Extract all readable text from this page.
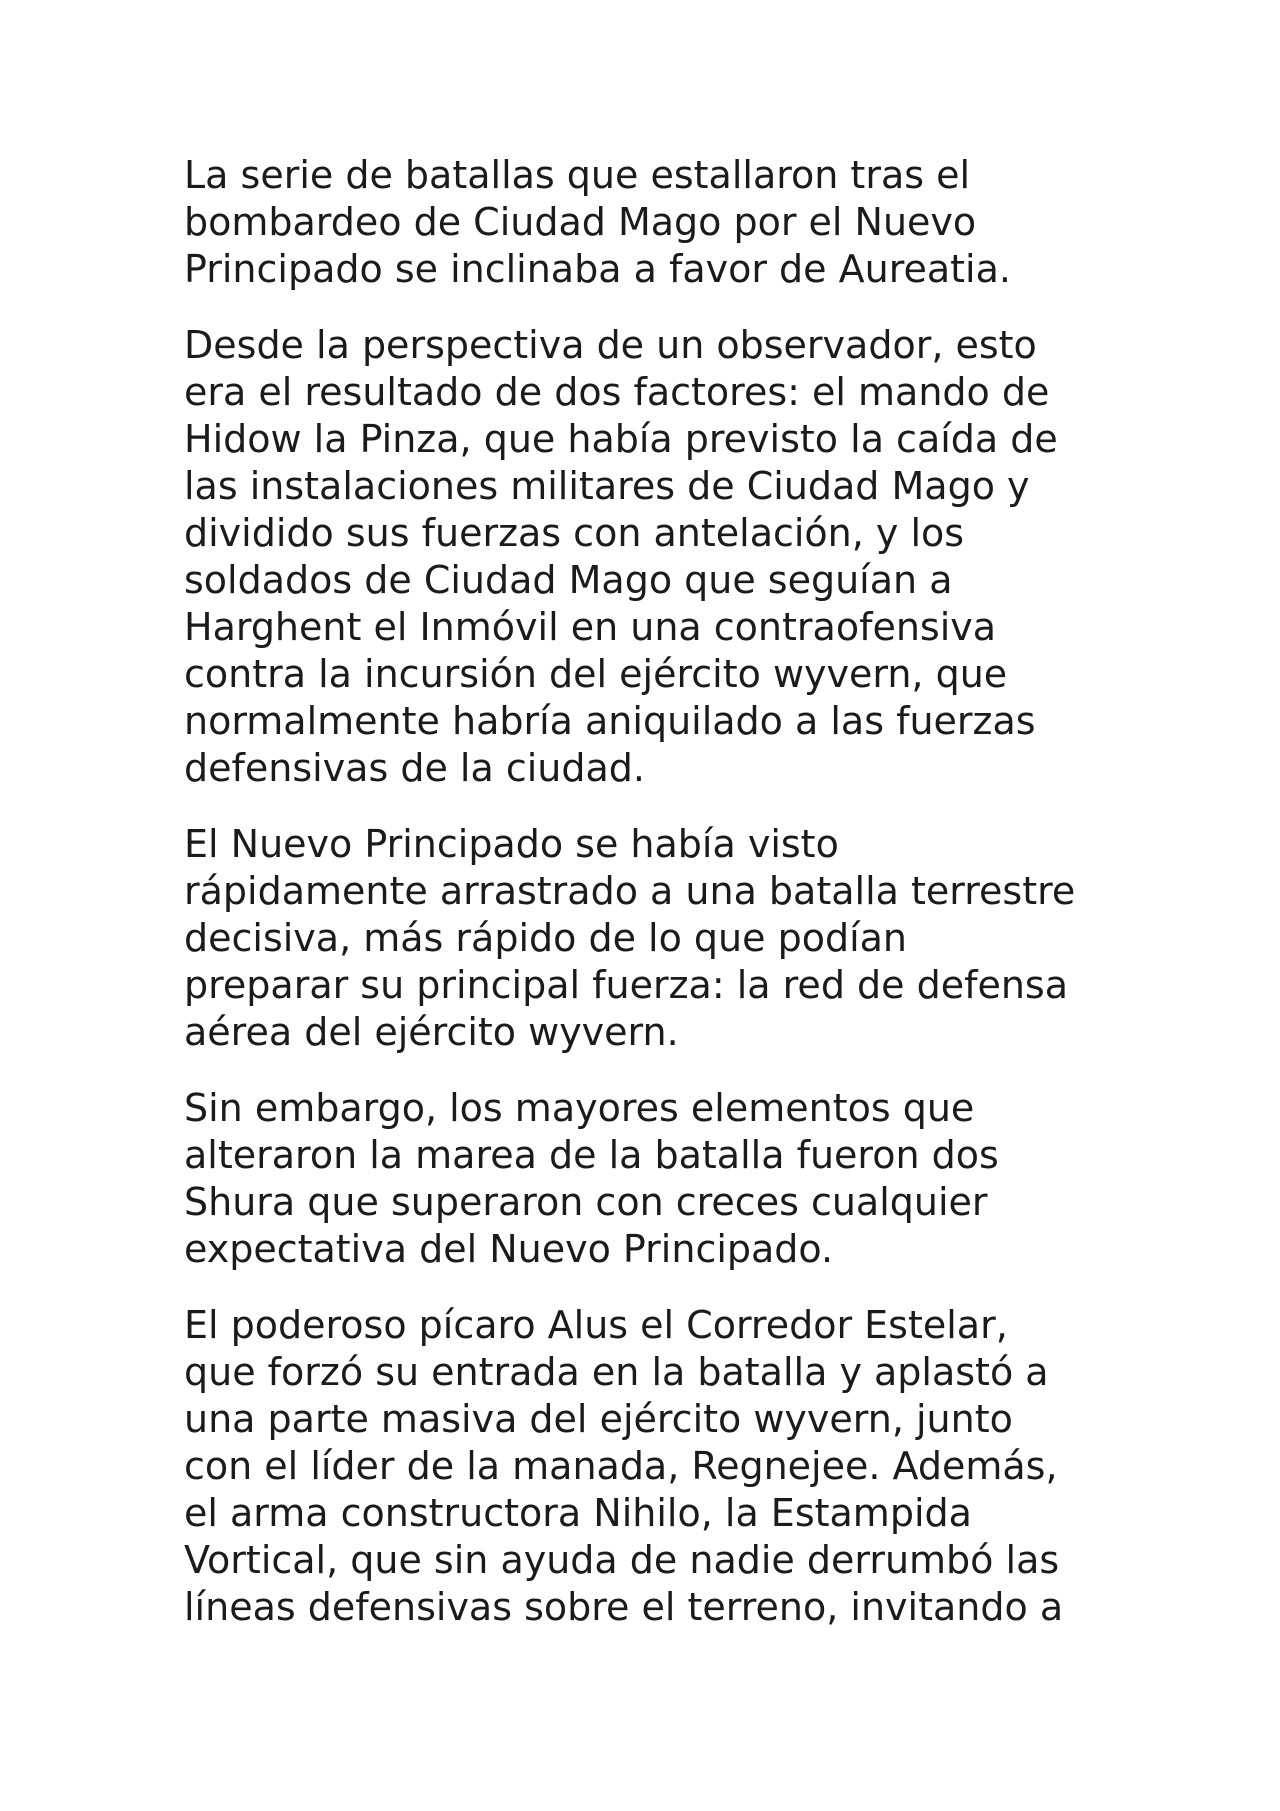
La serie de batallas que estallaron tras el
bombardeo de Ciudad Mago por el Nuevo
Principado se inclinaba a favor de Aureatia.

Desde la perspectiva de un observador, esto
era el resultado de dos factores: el mando de
Hidow la Pinza, que había previsto la caída de
las instalaciones militares de Ciudad Mago y
dividido sus fuerzas con antelación, y los
soldados de Ciudad Mago que seguían a
Harghent el Inmóvil en una contraofensiva
contra la incursión del ejército wyvern, que
normalmente habría aniquilado a las fuerzas
defensivas de la ciudad.

El Nuevo Principado se había visto
rápidamente arrastrado a una batalla terrestre
decisiva, más rápido de lo que podían
preparar su principal fuerza: la red de defensa
aérea del ejército wyvern.

Sin embargo, los mayores elementos que
alteraron la marea de la batalla fueron dos
Shura que superaron con creces cualquier
expectativa del Nuevo Principado.

El poderoso pícaro Alus el Corredor Estelar,
que forzó su entrada en la batalla y aplastó a
una parte masiva del ejército wyvern, junto
con el líder de la manada, Regnejee. Además,
el arma constructora Nihilo, la Estampida
Vortical, que sin ayuda de nadie derrumbó las
líneas defensivas sobre el terreno, invitando a
